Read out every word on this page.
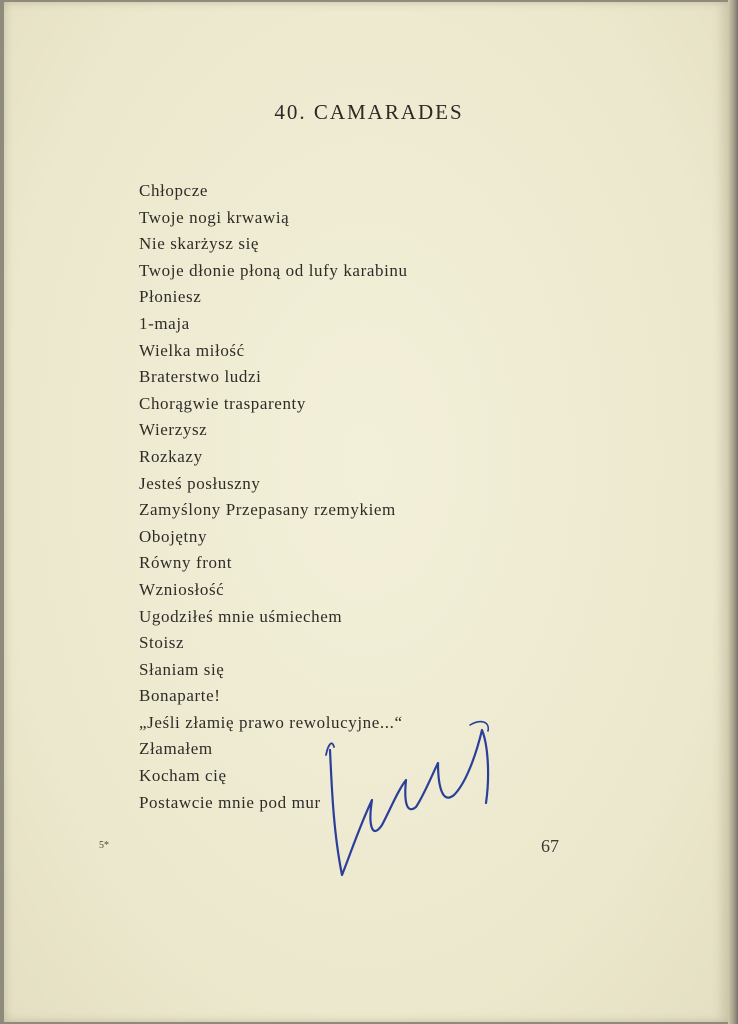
40. CAMARADES
Chłopcze
Twoje nogi krwawią
Nie skarżysz się
Twoje dłonie płoną od lufy karabinu
Płoniesz
1-maja
Wielka miłość
Braterstwo ludzi
Chorągwie trasparenty
Wierzysz
Rozkazy
Jesteś posłuszny
Zamyślony Przepasany rzemykiem
Obojętny
Równy front
Wzniosłość
Ugodziłeś mnie uśmiechem
Stoisz
Słaniam się
Bonaparte!
„Jeśli złamię prawo rewolucyjne...“
Złamałem
Kocham cię
Postawcie mnie pod mur
5*	67
